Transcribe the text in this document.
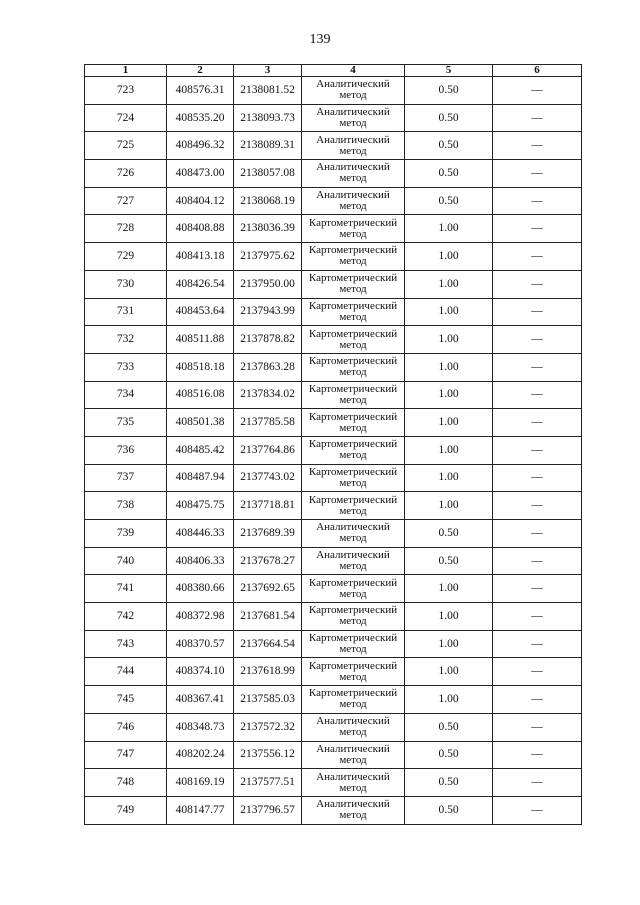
139
1	2	3	4	5	6
723	408576.31	2138081.52	Аналитический метод	0.50	—
724	408535.20	2138093.73	Аналитический метод	0.50	—
725	408496.32	2138089.31	Аналитический метод	0.50	—
726	408473.00	2138057.08	Аналитический метод	0.50	—
727	408404.12	2138068.19	Аналитический метод	0.50	—
728	408408.88	2138036.39	Картометрический метод	1.00	—
729	408413.18	2137975.62	Картометрический метод	1.00	—
730	408426.54	2137950.00	Картометрический метод	1.00	—
731	408453.64	2137943.99	Картометрический метод	1.00	—
732	408511.88	2137878.82	Картометрический метод	1.00	—
733	408518.18	2137863.28	Картометрический метод	1.00	—
734	408516.08	2137834.02	Картометрический метод	1.00	—
735	408501.38	2137785.58	Картометрический метод	1.00	—
736	408485.42	2137764.86	Картометрический метод	1.00	—
737	408487.94	2137743.02	Картометрический метод	1.00	—
738	408475.75	2137718.81	Картометрический метод	1.00	—
739	408446.33	2137689.39	Аналитический метод	0.50	—
740	408406.33	2137678.27	Аналитический метод	0.50	—
741	408380.66	2137692.65	Картометрический метод	1.00	—
742	408372.98	2137681.54	Картометрический метод	1.00	—
743	408370.57	2137664.54	Картометрический метод	1.00	—
744	408374.10	2137618.99	Картометрический метод	1.00	—
745	408367.41	2137585.03	Картометрический метод	1.00	—
746	408348.73	2137572.32	Аналитический метод	0.50	—
747	408202.24	2137556.12	Аналитический метод	0.50	—
748	408169.19	2137577.51	Аналитический метод	0.50	—
749	408147.77	2137796.57	Аналитический метод	0.50	—
